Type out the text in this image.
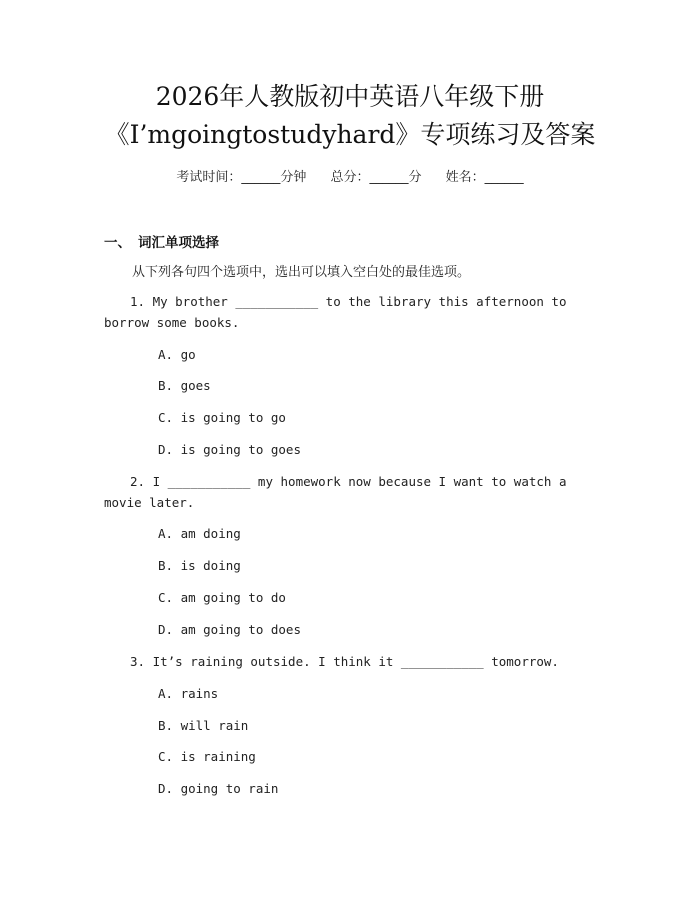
2026年人教版初中英语八年级下册
《I’mgoingtostudyhard》专项练习及答案
考试时间：______分钟 总分：______分 姓名：______
一、 词汇单项选择
从下列各句四个选项中，选出可以填入空白处的最佳选项。
1. My brother ___________ to the library this afternoon to borrow some books.
A. go
B. goes
C. is going to go
D. is going to goes
2. I ___________ my homework now because I want to watch a movie later.
A. am doing
B. is doing
C. am going to do
D. am going to does
3. It’s raining outside. I think it ___________ tomorrow.
A. rains
B. will rain
C. is raining
D. going to rain
